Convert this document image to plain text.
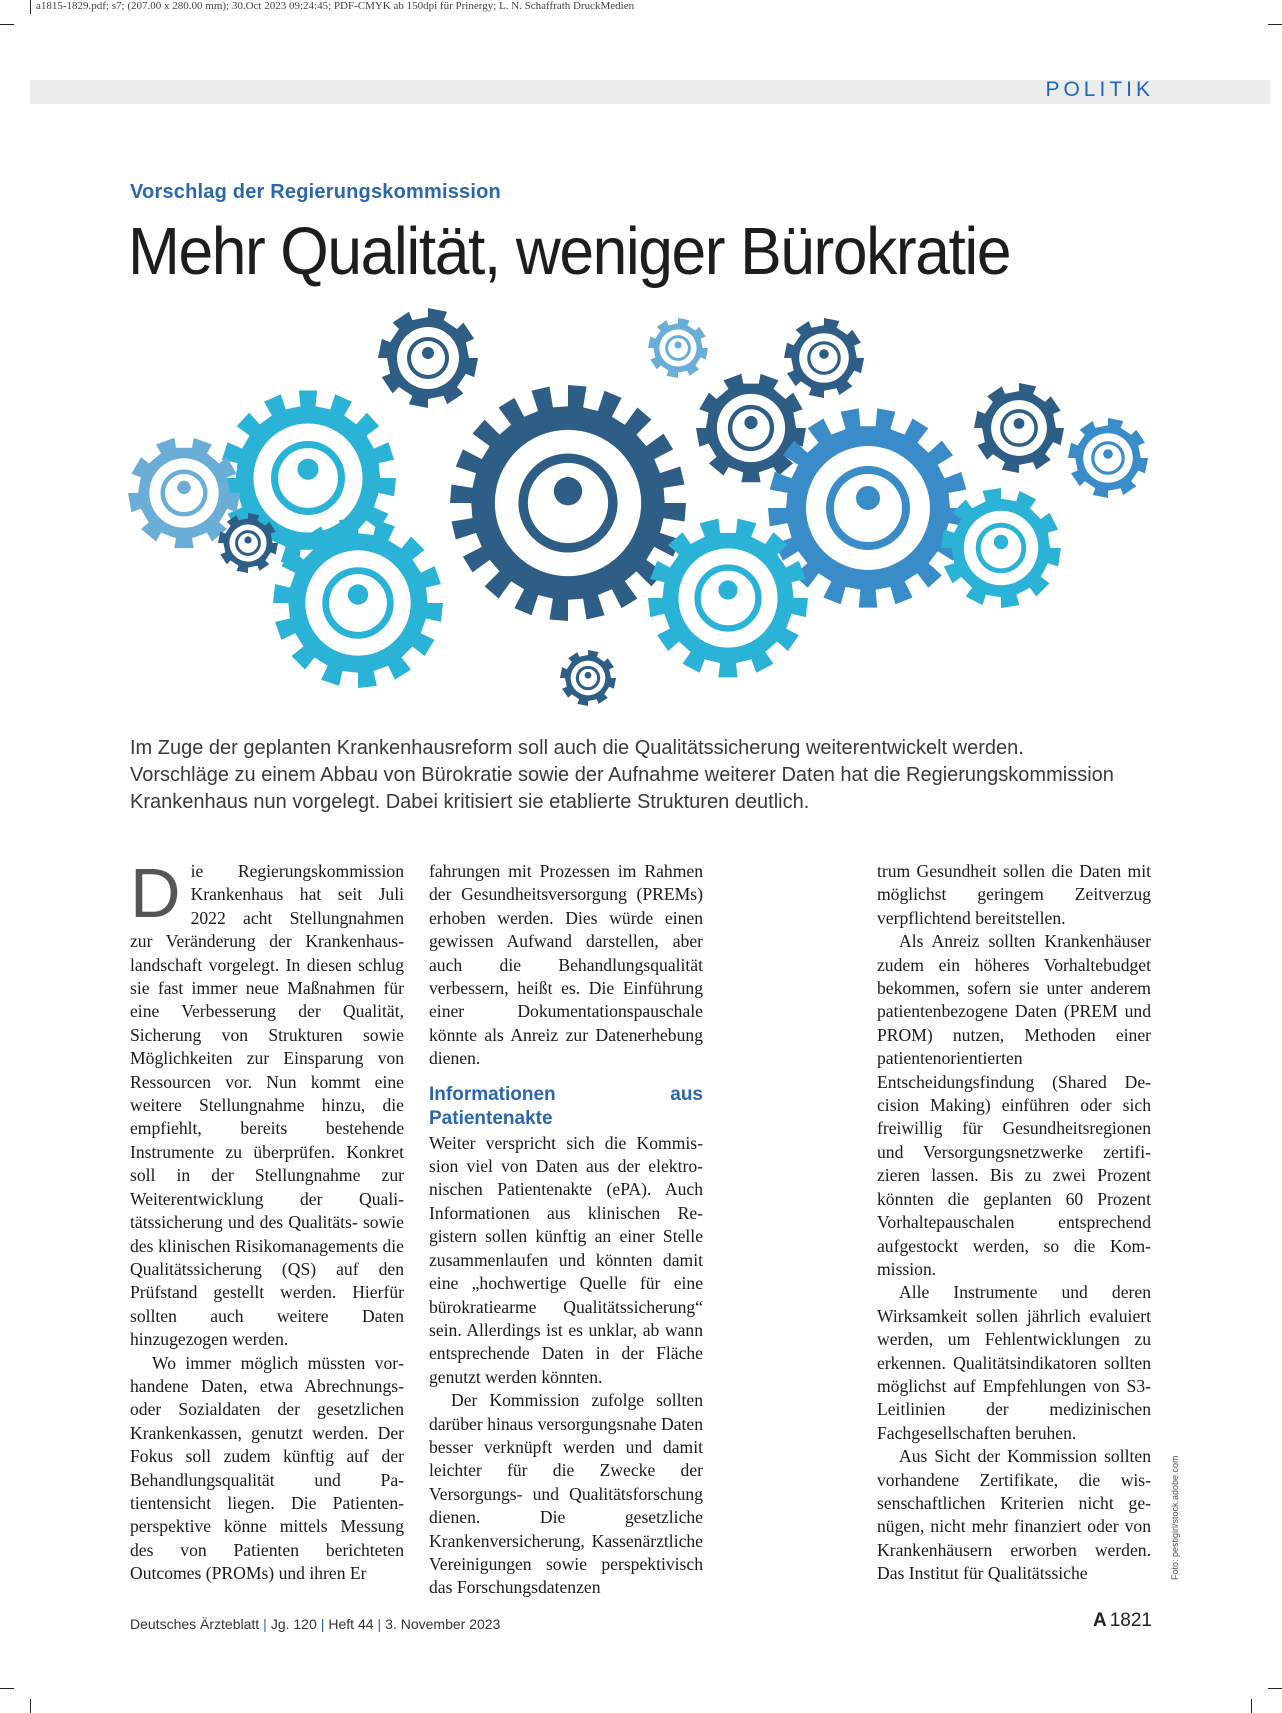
a1815-1829.pdf; s7; (207.00 x 280.00 mm); 30.Oct 2023 09:24:45; PDF-CMYK ab 150dpi für Prinergy; L. N. Schaffrath DruckMedien
POLITIK
Vorschlag der Regierungskommission
Mehr Qualität, weniger Bürokratie
Im Zuge der geplanten Krankenhausreform soll auch die Qualitätssicherung weiterentwickelt werden.
Vorschläge zu einem Abbau von Bürokratie sowie der Aufnahme weiterer Daten hat die Regierungskommission
Krankenhaus nun vorgelegt. Dabei kritisiert sie etablierte Strukturen deutlich.

Die Regierungskommission Krankenhaus hat seit Juli 2022 acht Stellungnahmen zur Veränderung der Krankenhauslandschaft vorgelegt. In diesen schlug sie fast immer neue Maßnahmen für eine Verbesserung der Qualität, Sicherung von Strukturen sowie Möglichkeiten zur Einsparung von Ressourcen vor. Nun kommt eine weitere Stellungnahme hinzu, die empfiehlt, bereits bestehende Instrumente zu überprüfen. Konkret soll in der Stellungnahme zur Weiterentwicklung der Qualitätssicherung und des Qualitäts- sowie des klinischen Risikomanagements die Qualitätssicherung (QS) auf den Prüfstand gestellt werden. Hierfür sollten auch weitere Daten hinzugezogen werden.

Wo immer möglich müssten vorhandene Daten, etwa Abrechnungs- oder Sozialdaten der gesetzlichen Krankenkassen, genutzt werden. Der Fokus soll zudem künftig auf der Behandlungsqualität und Patientensicht liegen. Die Patientenperspektive könne mittels Messung des von Patienten berichteten Outcomes (PROMs) und ihren Er

fahrungen mit Prozessen im Rahmen der Gesundheitsversorgung (PREMs) erhoben werden. Dies würde einen gewissen Aufwand darstellen, aber auch die Behandlungsqualität verbessern, heißt es. Die Einführung einer Dokumentationspauschale könnte als Anreiz zur Datenerhebung dienen.

Informationen aus Patientenakte

Weiter verspricht sich die Kommission viel von Daten aus der elektronischen Patientenakte (ePA). Auch Informationen aus klinischen Registern sollen künftig an einer Stelle zusammenlaufen und könnten damit eine „hochwertige Quelle für eine bürokratiearme Qualitätssicherung“ sein. Allerdings ist es unklar, ab wann entsprechende Daten in der Fläche genutzt werden könnten.

Der Kommission zufolge sollten darüber hinaus versorgungsnahe Daten besser verknüpft werden und damit leichter für die Zwecke der Versorgungs- und Qualitätsforschung dienen. Die gesetzliche Krankenversicherung, Kassenärztliche Vereinigungen sowie perspektivisch das Forschungsdatenzen

trum Gesundheit sollen die Daten mit möglichst geringem Zeitverzug verpflichtend bereitstellen.

Als Anreiz sollten Krankenhäuser zudem ein höheres Vorhaltebudget bekommen, sofern sie unter anderem patientenbezogene Daten (PREM und PROM) nutzen, Methoden einer patientenorientierten Entscheidungsfindung (Shared Decision Making) einführen oder sich freiwillig für Gesundheitsregionen und Versorgungsnetzwerke zertifizieren lassen. Bis zu zwei Prozent könnten die geplanten 60 Prozent Vorhaltepauschalen entsprechend aufgestockt werden, so die Kommission.

Alle Instrumente und deren Wirksamkeit sollen jährlich evaluiert werden, um Fehlentwicklungen zu erkennen. Qualitätsindikatoren sollten möglichst auf Empfehlungen von S3-Leitlinien der medizinischen Fachgesellschaften beruhen.

Aus Sicht der Kommission sollten vorhandene Zertifikate, die wissenschaftlichen Kriterien nicht genügen, nicht mehr finanziert oder von Krankenhäusern erworben werden. Das Institut für Qualitätssiche	Foto: pestigirl/stock.adobe.com
Deutsches Ärzteblatt | Jg. 120 | Heft 44 | 3. November 2023	A 1821
